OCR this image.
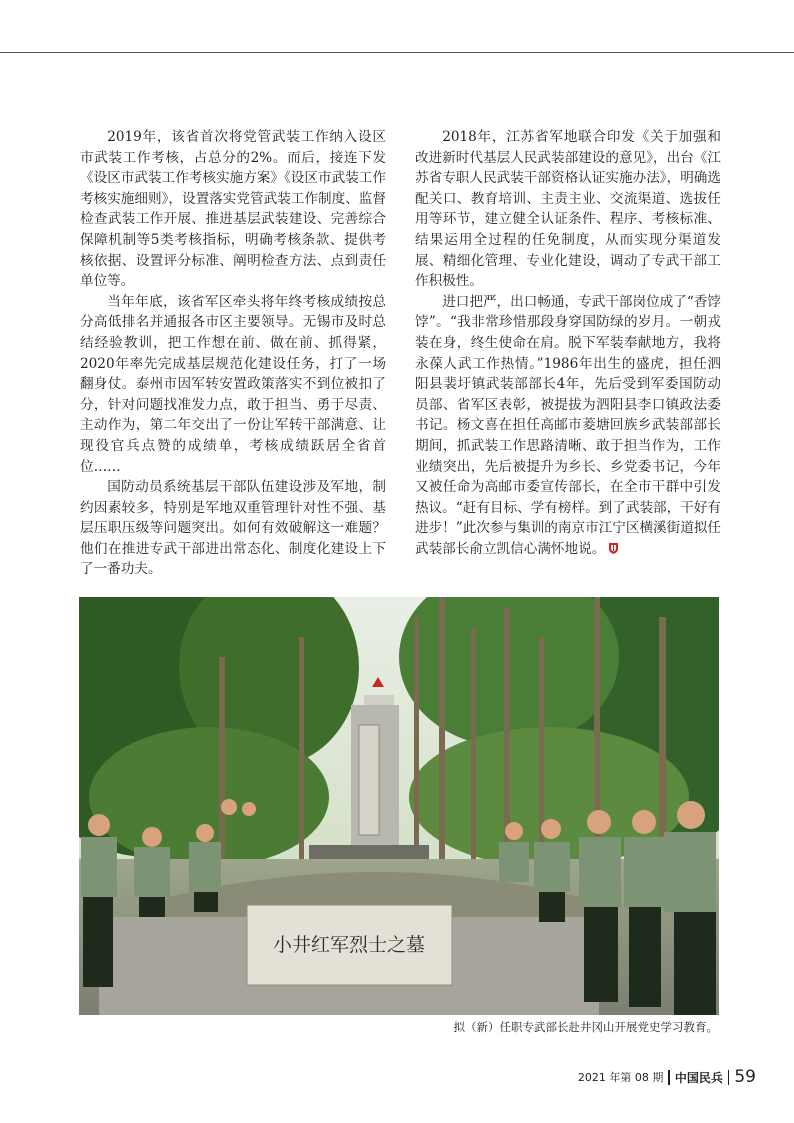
2019年，该省首次将党管武装工作纳入设区市武装工作考核，占总分的2%。而后，接连下发《设区市武装工作考核实施方案》《设区市武装工作考核实施细则》，设置落实党管武装工作制度、监督检查武装工作开展、推进基层武装建设、完善综合保障机制等5类考核指标，明确考核条款、提供考核依据、设置评分标准、阐明检查方法、点到责任单位等。

当年年底，该省军区牵头将年终考核成绩按总分高低排名并通报各市区主要领导。无锡市及时总结经验教训，把工作想在前、做在前、抓得紧，2020年率先完成基层规范化建设任务，打了一场翻身仗。泰州市因军转安置政策落实不到位被扣了分，针对问题找准发力点，敢于担当、勇于尽责、主动作为，第二年交出了一份让军转干部满意、让现役官兵点赞的成绩单，考核成绩跃居全省首位……

国防动员系统基层干部队伍建设涉及军地，制约因素较多，特别是军地双重管理针对性不强、基层压职压级等问题突出。如何有效破解这一难题？他们在推进专武干部进出常态化、制度化建设上下了一番功夫。

2018年，江苏省军地联合印发《关于加强和改进新时代基层人民武装部建设的意见》，出台《江苏省专职人民武装干部资格认证实施办法》，明确选配关口、教育培训、主责主业、交流渠道、选拔任用等环节，建立健全认证条件、程序、考核标准、结果运用全过程的任免制度，从而实现分渠道发展、精细化管理、专业化建设，调动了专武干部工作积极性。

进口把严，出口畅通，专武干部岗位成了“香饽饽”。“我非常珍惜那段身穿国防绿的岁月。一朝戎装在身，终生使命在肩。脱下军装奉献地方，我将永葆人武工作热情。”1986年出生的盛虎，担任泗阳县裴圩镇武装部部长4年，先后受到军委国防动员部、省军区表彰，被提拔为泗阳县李口镇政法委书记。杨文喜在担任高邮市菱塘回族乡武装部部长期间，抓武装工作思路清晰、敢于担当作为，工作业绩突出，先后被提升为乡长、乡党委书记，今年又被任命为高邮市委宣传部长，在全市干群中引发热议。“赶有目标、学有榜样。到了武装部，干好有进步！”此次参与集训的南京市江宁区横溪街道拟任武装部长俞立凯信心满怀地说。

小井红军烈士之墓
拟（新）任职专武部长赴井冈山开展党史学习教育。
2021 年第 08 期 中国民兵 59
